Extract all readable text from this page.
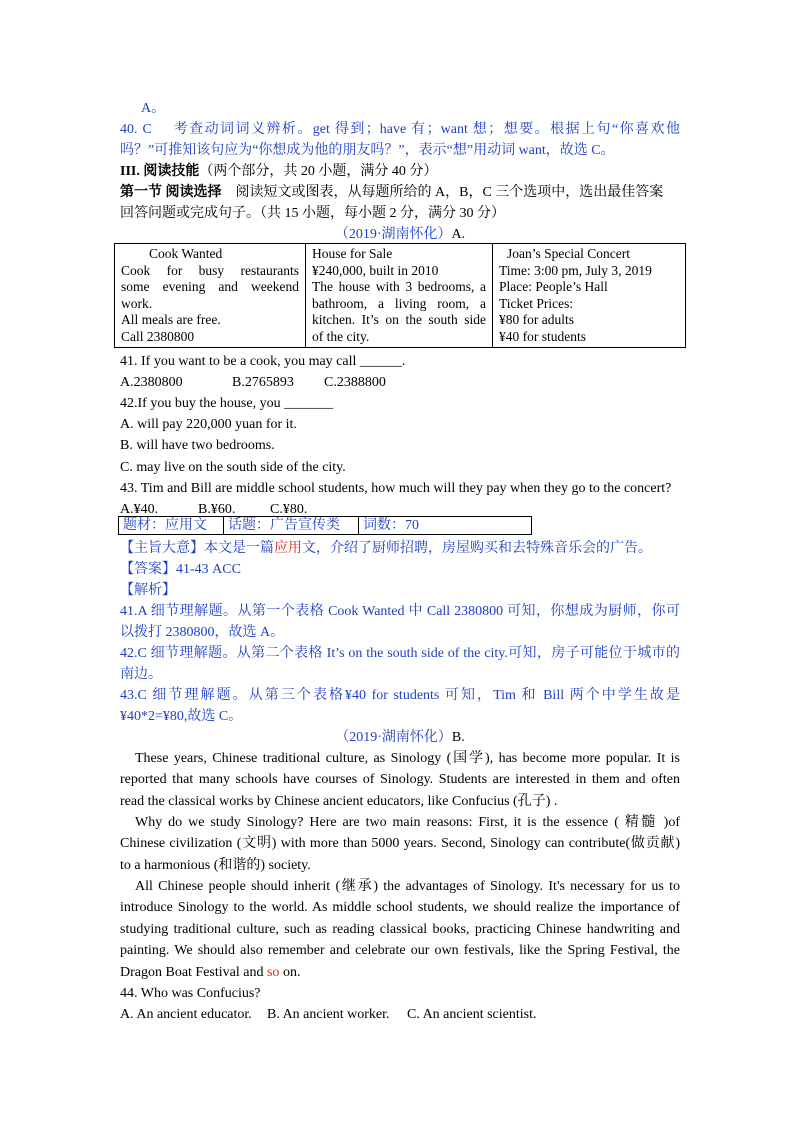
A。
40. C　 考查动词词义辨析。get 得到；have 有；want 想；想要。根据上句“你喜欢他
吗？”可推知该句应为“你想成为他的朋友吗？”，表示“想”用动词 want，故选 C。
III. 阅读技能（两个部分，共 20 小题，满分 40 分）
第一节 阅读选择　阅读短文或图表，从每题所给的 A，B，C 三个选项中，选出最佳答案
回答问题或完成句子。（共 15 小题，每小题 2 分，满分 30 分）
（2019·湖南怀化）A.
Cook Wanted
Cook for busy restaurants
some evening and weekend
work.
All meals are free.
Call 2380800

House for Sale
¥240,000, built in 2010
The house with 3 bedrooms, a
bathroom, a living room, a
kitchen. It’s on the south side
of the city.

Joan’s Special Concert
Time: 3:00 pm, July 3, 2019
Place: People’s Hall
Ticket Prices:
¥80 for adults
¥40 for students
41. If you want to be a cook, you may call ______.
A.2380800	B.2765893 C.2388800
42.If you buy the house, you _______
A. will pay 220,000 yuan for it.
B. will have two bedrooms.
C. may live on the south side of the city.
43. Tim and Bill are middle school students, how much will they pay when they go to the concert?
A.¥40.	B.¥60. C.¥80.
题材：应用文	话题：广告宣传类	词数：70
【主旨大意】本文是一篇应用文，介绍了厨师招聘，房屋购买和去特殊音乐会的广告。
【答案】41-43 ACC
【解析】
41.A 细节理解题。从第一个表格 Cook Wanted 中 Call 2380800 可知，你想成为厨师，你可
以拨打 2380800，故选 A。
42.C 细节理解题。从第二个表格 It’s on the south side of the city.可知，房子可能位于城市的
南边。
43.C 细节理解题。从第三个表格¥40 for students 可知，Tim 和 Bill 两个中学生故是
¥40*2=¥80,故选 C。
（2019·湖南怀化）B.
These years, Chinese traditional culture, as Sinology (国学), has become more popular. It is
reported that many schools have courses of Sinology. Students are interested in them and often
read the classical works by Chinese ancient educators, like Confucius (孔子) .
Why do we study Sinology? Here are two main reasons: First, it is the essence ( 精髓 )of
Chinese civilization (文明) with more than 5000 years. Second, Sinology can contribute(做贡献)
to a harmonious (和谐的) society.
All Chinese people should inherit (继承) the advantages of Sinology. It's necessary for us to
introduce Sinology to the world. As middle school students, we should realize the importance of
studying traditional culture, such as reading classical books, practicing Chinese handwriting and
painting. We should also remember and celebrate our own festivals, like the Spring Festival, the
Dragon Boat Festival and so on.
44. Who was Confucius?
A. An ancient educator. B. An ancient worker. C. An ancient scientist.
